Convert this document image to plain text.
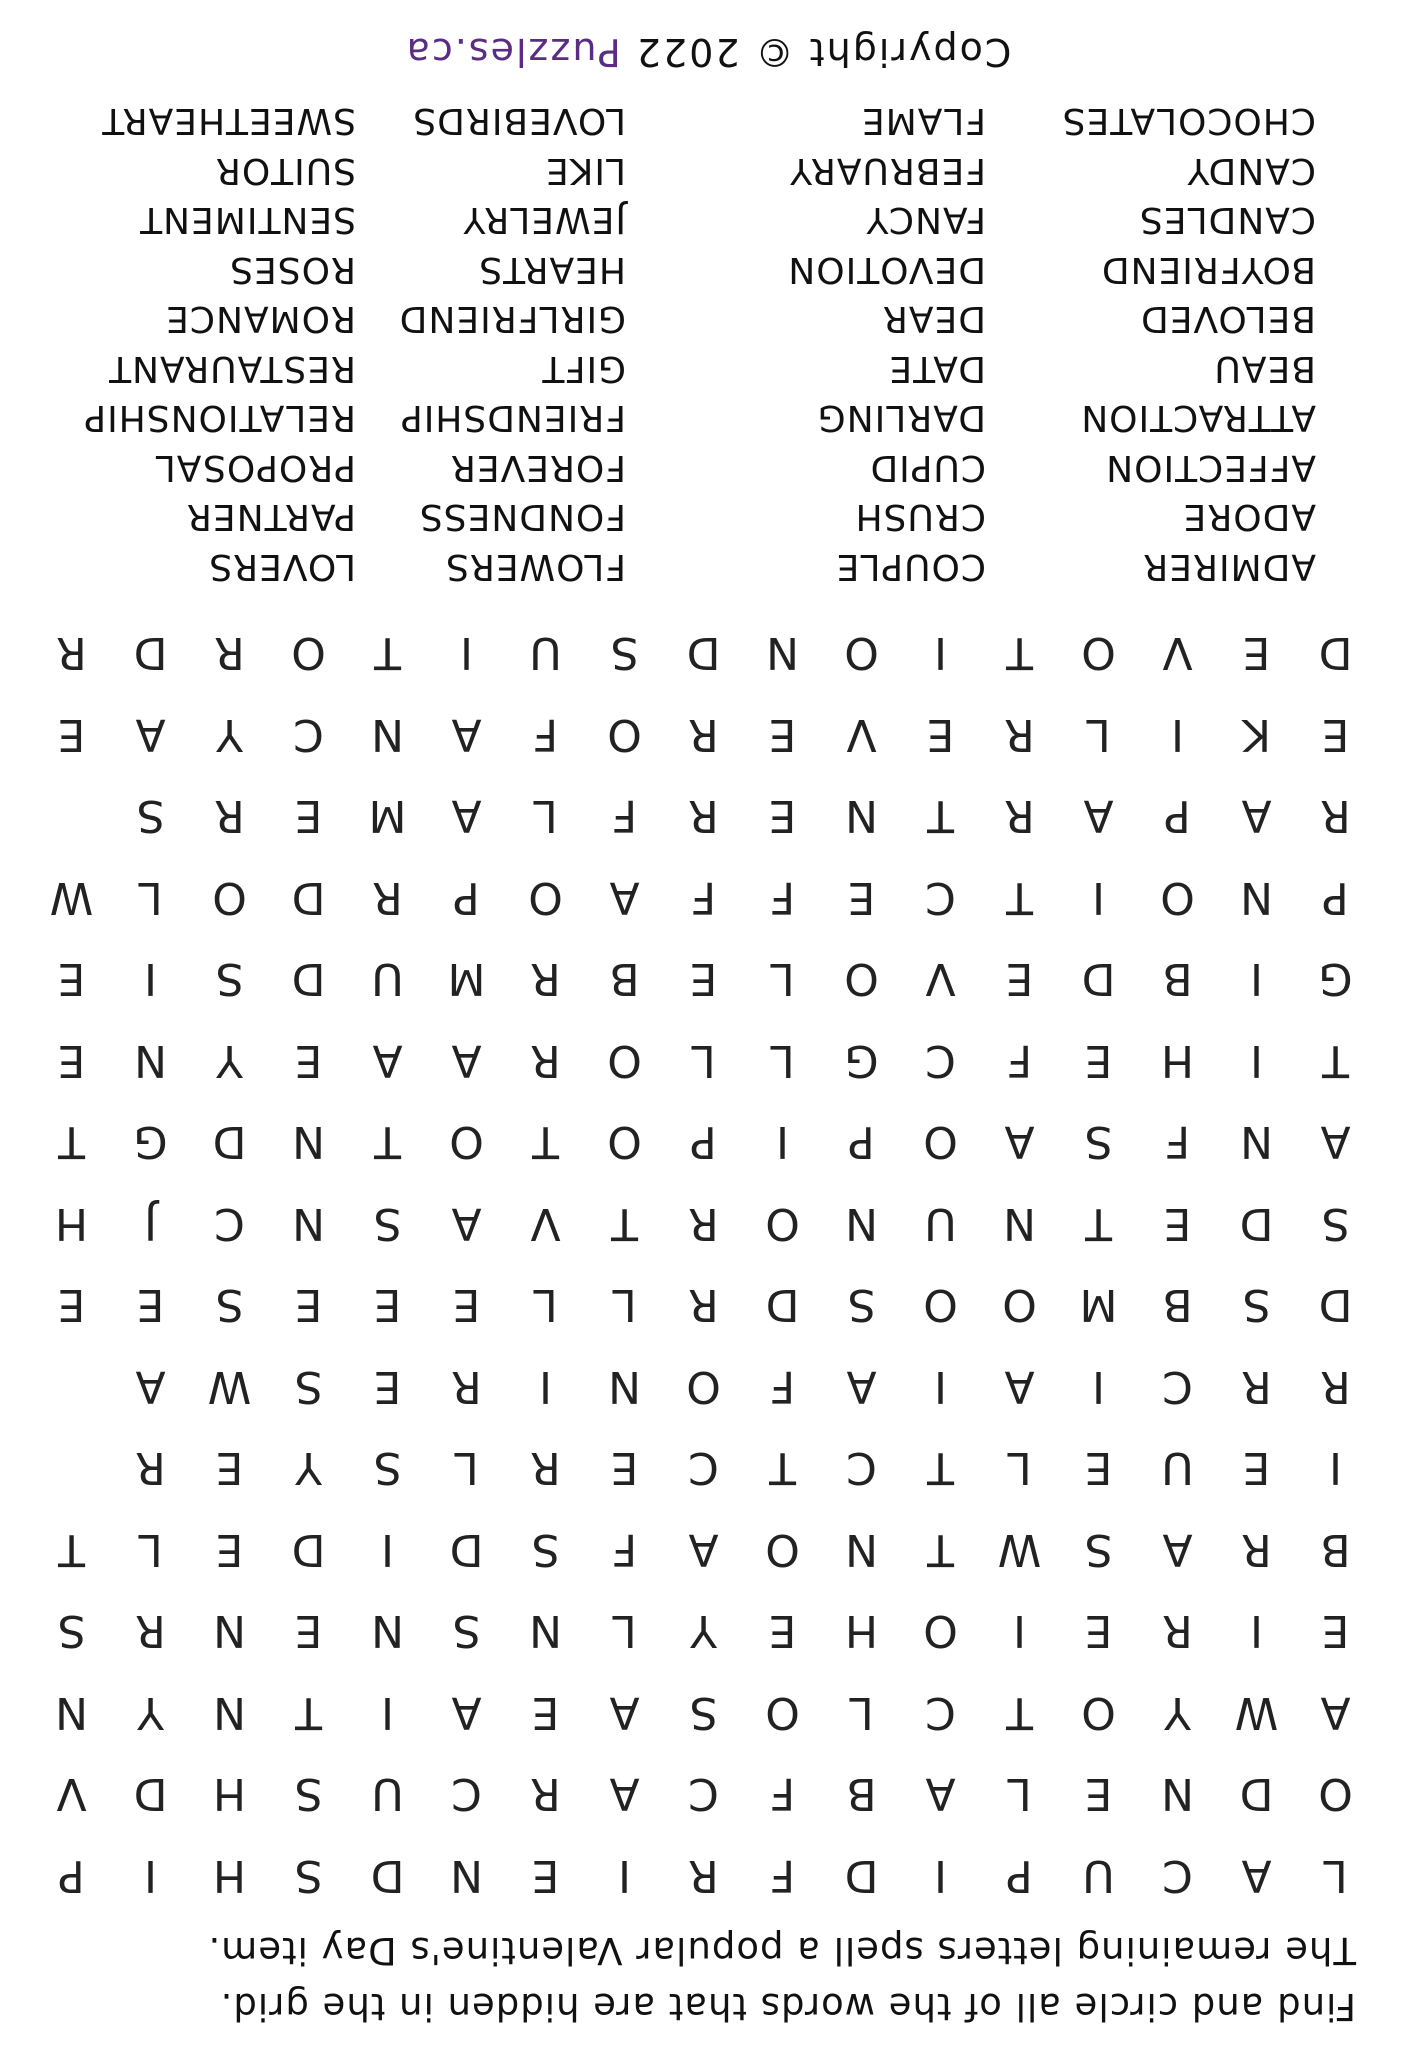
Find and circle all of the words that are hidden in the grid.
The remaining letters spell a popular Valentine's Day item.
L
A
C
U
P
I
D
F
R
I
E
N
D
S
H
I
P
O
D
N
E
L
A
B
F
C
A
R
C
U
S
H
D
V
A
W
Y
O
T
C
L
O
S
A
E
A
I
T
N
Y
N
E
I
R
E
I
O
H
E
Y
L
N
S
N
E
N
R
S
B
R
A
S
W
T
N
O
A
F
S
D
I
D
E
L
T
I
E
U
E
L
T
C
T
C
E
R
L
S
Y
E
R
R
R
C
I
A
I
A
F
O
N
I
R
E
S
W
A
D
S
B
M
O
O
S
D
R
L
L
E
E
E
S
E
E
S
D
E
T
N
U
N
O
R
T
V
A
S
N
C
J
H
A
N
F
S
A
O
P
I
P
O
T
O
T
N
D
G
T
T
I
H
E
F
C
G
L
L
O
R
A
A
E
Y
N
E
G
I
B
D
E
V
O
L
E
B
R
M
U
D
S
I
E
P
N
O
I
T
C
E
F
F
A
O
P
R
D
O
L
W
R
A
P
A
R
T
N
E
R
F
L
A
M
E
R
S
E
K
I
L
R
E
V
E
R
O
F
A
N
C
Y
A
E
D
E
V
O
T
I
O
N
D
S
U
I
T
O
R
D
R
ADMIRER
ADORE
AFFECTION
ATTRACTION
BEAU
BELOVED
BOYFRIEND
CANDLES
CANDY
CHOCOLATES
COUPLE
CRUSH
CUPID
DARLING
DATE
DEAR
DEVOTION
FANCY
FEBRUARY
FLAME
FLOWERS
FONDNESS
FOREVER
FRIENDSHIP
GIFT
GIRLFRIEND
HEARTS
JEWELRY
LIKE
LOVEBIRDS
LOVERS
PARTNER
PROPOSAL
RELATIONSHIP
RESTAURANT
ROMANCE
ROSES
SENTIMENT
SUITOR
SWEETHEART
Copyright © 2022 Puzzles.ca
